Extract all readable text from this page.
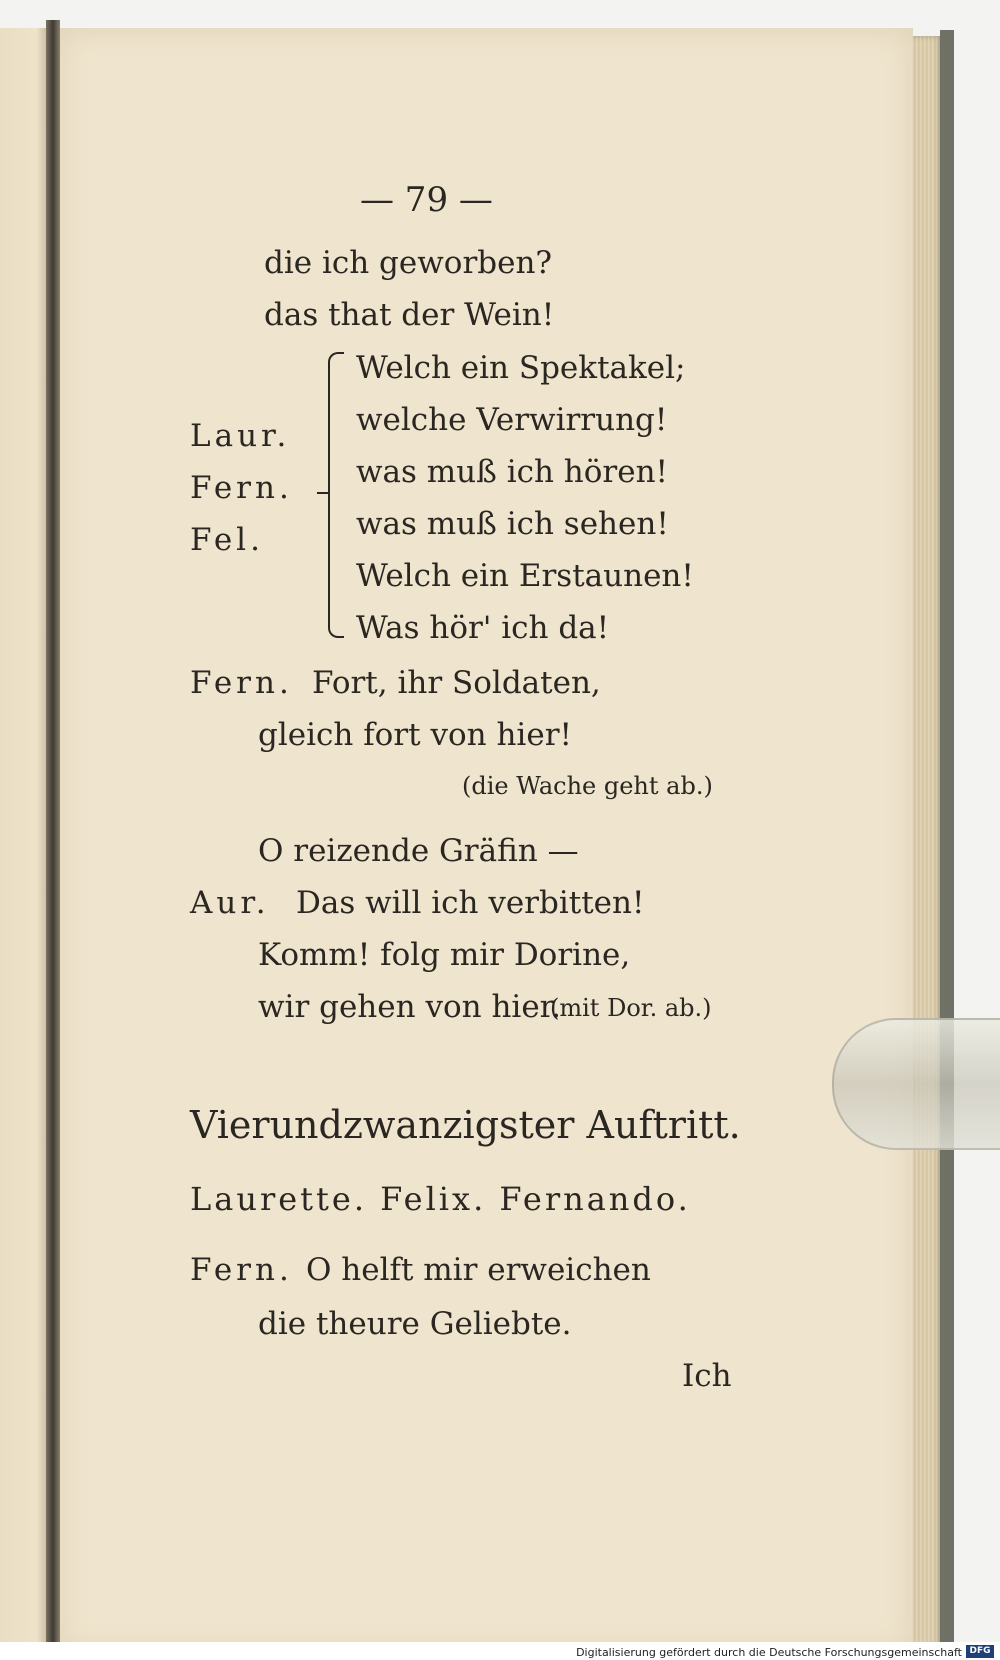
— 79 —
die ich geworben?
das that der Wein!
Laur.
Fern.
Fel.
Welch ein Spektakel;
welche Verwirrung!
was muß ich hören!
was muß ich sehen!
Welch ein Erstaunen!
Was hör' ich da!
Fern. Fort, ihr Soldaten,
gleich fort von hier!
(die Wache geht ab.)
O reizende Gräfin —
Aur. Das will ich verbitten!
Komm! folg mir Dorine,
wir gehen von hier.
(mit Dor. ab.)
Vierundzwanzigster Auftritt.
Laurette. Felix. Fernando.
Fern. O helft mir erweichen
die theure Geliebte.
Ich
Digitalisierung gefördert durch die Deutsche Forschungsgemeinschaft DFG
